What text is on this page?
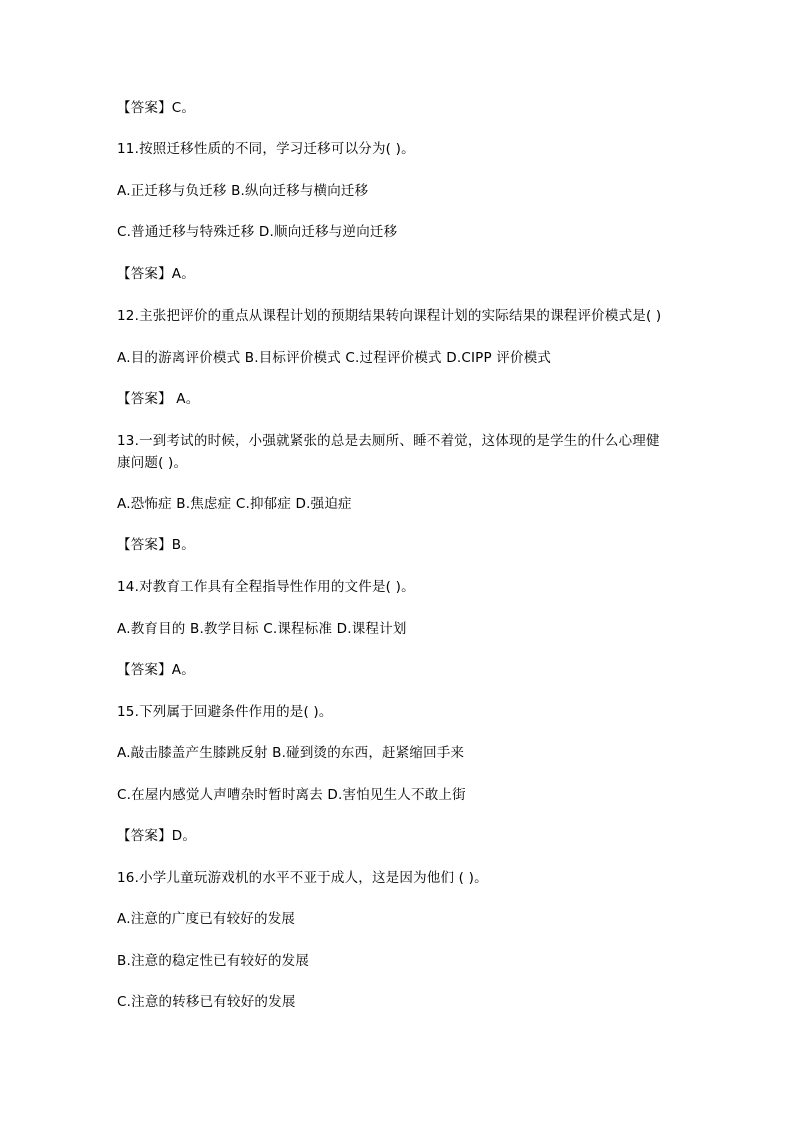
【答案】C。
11.按照迁移性质的不同，学习迁移可以分为( )。
A.正迁移与负迁移 B.纵向迁移与横向迁移
C.普通迁移与特殊迁移 D.顺向迁移与逆向迁移
【答案】A。
12.主张把评价的重点从课程计划的预期结果转向课程计划的实际结果的课程评价模式是( )
A.目的游离评价模式 B.目标评价模式 C.过程评价模式 D.CIPP 评价模式
【答案】 A。
13.一到考试的时候，小强就紧张的总是去厕所、睡不着觉，这体现的是学生的什么心理健
康问题( )。
A.恐怖症 B.焦虑症 C.抑郁症 D.强迫症
【答案】B。
14.对教育工作具有全程指导性作用的文件是( )。
A.教育目的 B.教学目标 C.课程标准 D.课程计划
【答案】A。
15.下列属于回避条件作用的是( )。
A.敲击膝盖产生膝跳反射 B.碰到烫的东西，赶紧缩回手来
C.在屋内感觉人声嘈杂时暂时离去 D.害怕见生人不敢上街
【答案】D。
16.小学儿童玩游戏机的水平不亚于成人，这是因为他们 ( )。
A.注意的广度已有较好的发展
B.注意的稳定性已有较好的发展
C.注意的转移已有较好的发展
